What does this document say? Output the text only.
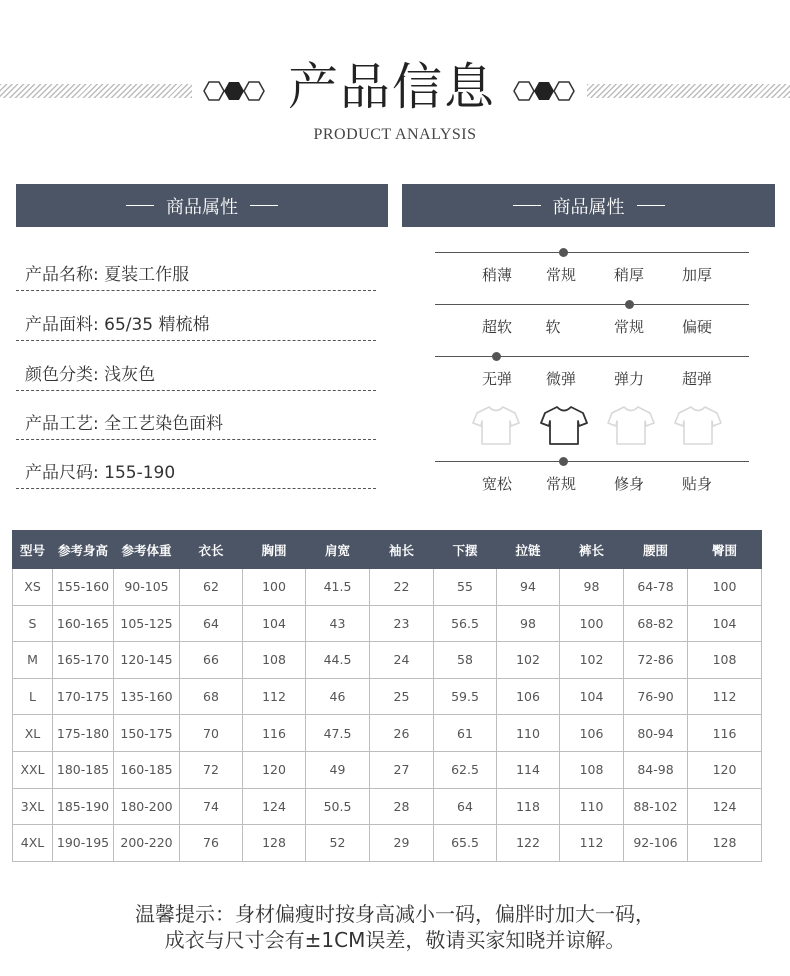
产品信息
PRODUCT ANALYSIS
商品属性	商品属性
产品名称: 夏装工作服
产品面料: 65/35 精梳棉
颜色分类: 浅灰色
产品工艺: 全工艺染色面料
产品尺码: 155-190
稍薄	常规	稍厚	加厚
超软	软	常规	偏硬
无弹	微弹	弹力	超弹
宽松	常规	修身	贴身
型号	参考身高	参考体重	衣长	胸围	肩宽	袖长	下摆	拉链	裤长	腰围	臀围
XS	155-160	90-105	62	100	41.5	22	55	94	98	64-78	100
S	160-165	105-125	64	104	43	23	56.5	98	100	68-82	104
M	165-170	120-145	66	108	44.5	24	58	102	102	72-86	108
L	170-175	135-160	68	112	46	25	59.5	106	104	76-90	112
XL	175-180	150-175	70	116	47.5	26	61	110	106	80-94	116
XXL	180-185	160-185	72	120	49	27	62.5	114	108	84-98	120
3XL	185-190	180-200	74	124	50.5	28	64	118	110	88-102	124
4XL	190-195	200-220	76	128	52	29	65.5	122	112	92-106	128
温馨提示：身材偏瘦时按身高减小一码，偏胖时加大一码，
成衣与尺寸会有±1CM误差，敬请买家知晓并谅解。
